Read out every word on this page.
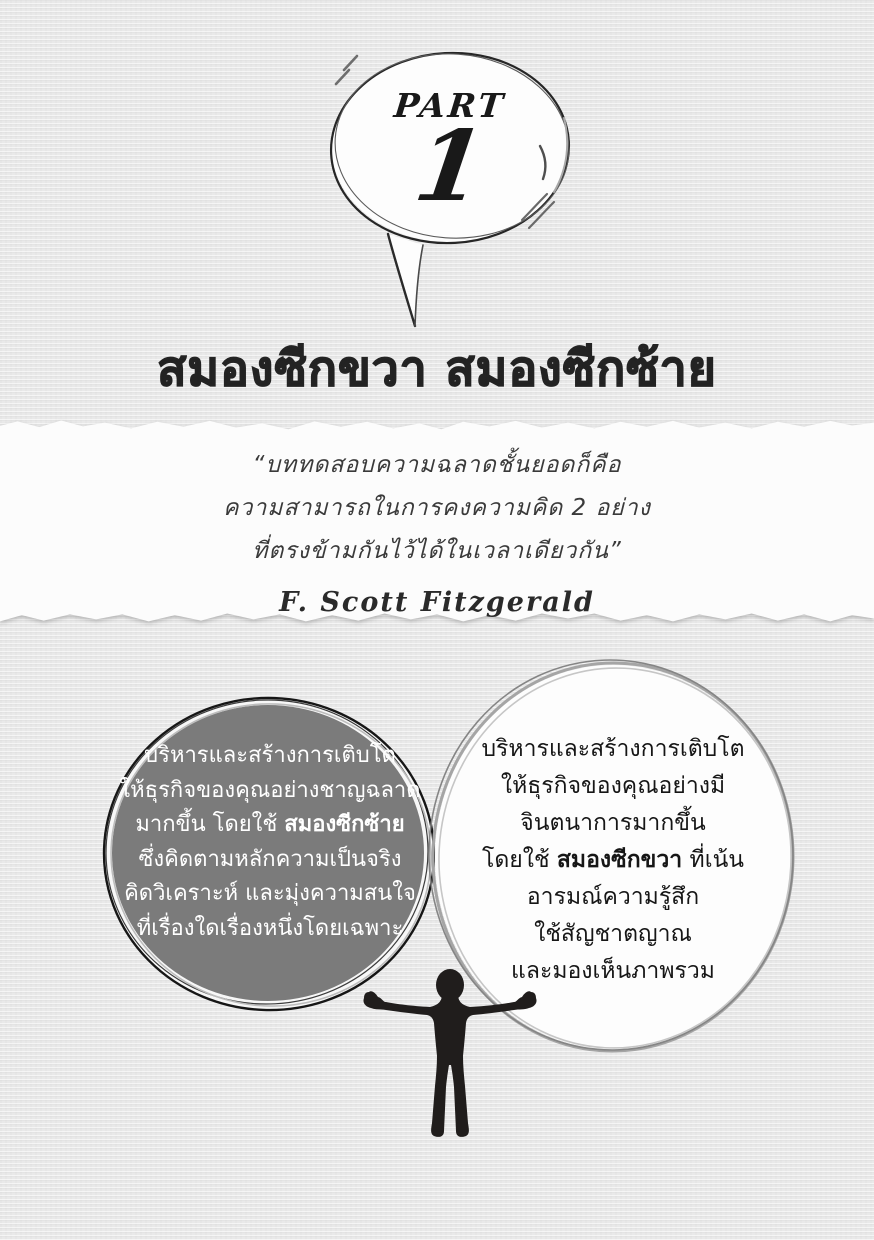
PART
1
สมองซีกขวา สมองซีกซ้าย

“บททดสอบความฉลาดชั้นยอดก็คือ

ความสามารถในการคงความคิด 2 อย่าง

ที่ตรงข้ามกันไว้ได้ในเวลาเดียวกัน”

F. Scott Fitzgerald

บริหารและสร้างการเติบโต
ให้ธุรกิจของคุณอย่างชาญฉลาด
มากขึ้น โดยใช้ สมองซีกซ้าย
ซึ่งคิดตามหลักความเป็นจริง
คิดวิเคราะห์ และมุ่งความสนใจ
ที่เรื่องใดเรื่องหนึ่งโดยเฉพาะ
บริหารและสร้างการเติบโต
ให้ธุรกิจของคุณอย่างมี
จินตนาการมากขึ้น
โดยใช้ สมองซีกขวา ที่เน้น
อารมณ์ความรู้สึก
ใช้สัญชาตญาณ
และมองเห็นภาพรวม
